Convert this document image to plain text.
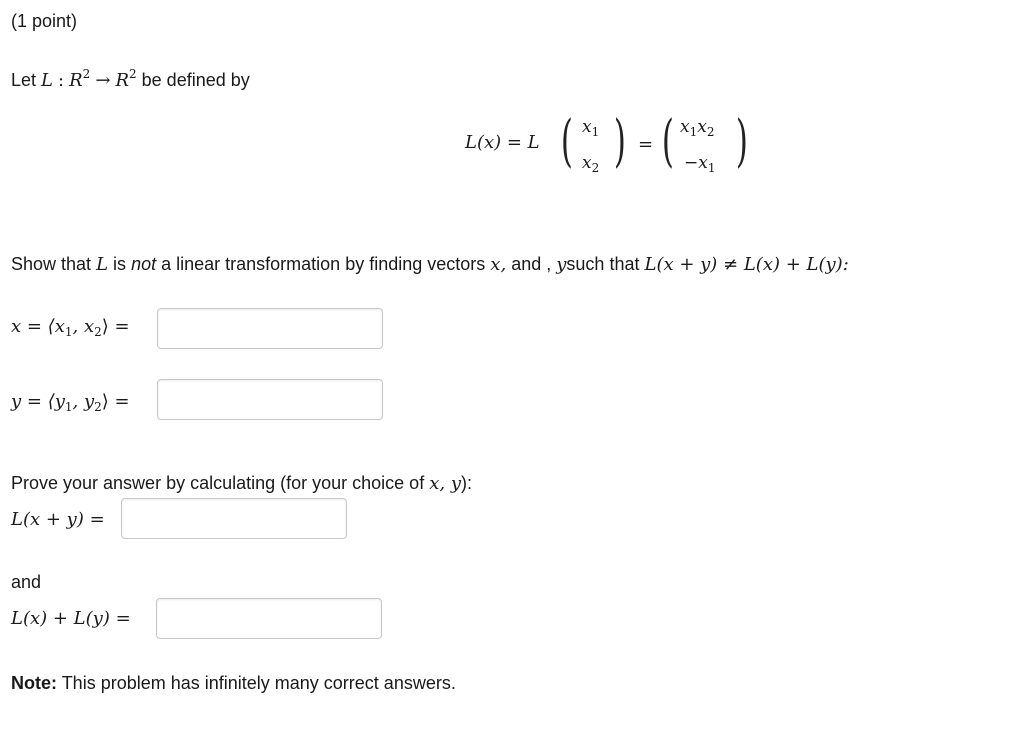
(1 point)
Let L : $R^2 \to R^2$ be defined by
L(x) = L ( $x_1$
$x_2$ ) = ( $x_1x_2$
$-x_1$ )
Show that L is not a linear transformation by finding vectors x, and , ysuch that L(x + y) ≠ L(x) + L(y):
$x = ⟨x_1$, $x_2⟩$ =
$y = ⟨y_1$, $y_2⟩$ =
Prove your answer by calculating (for your choice of x, y):
L(x + y) =
and
L(x) + L(y) =
Note: This problem has infinitely many correct answers.
